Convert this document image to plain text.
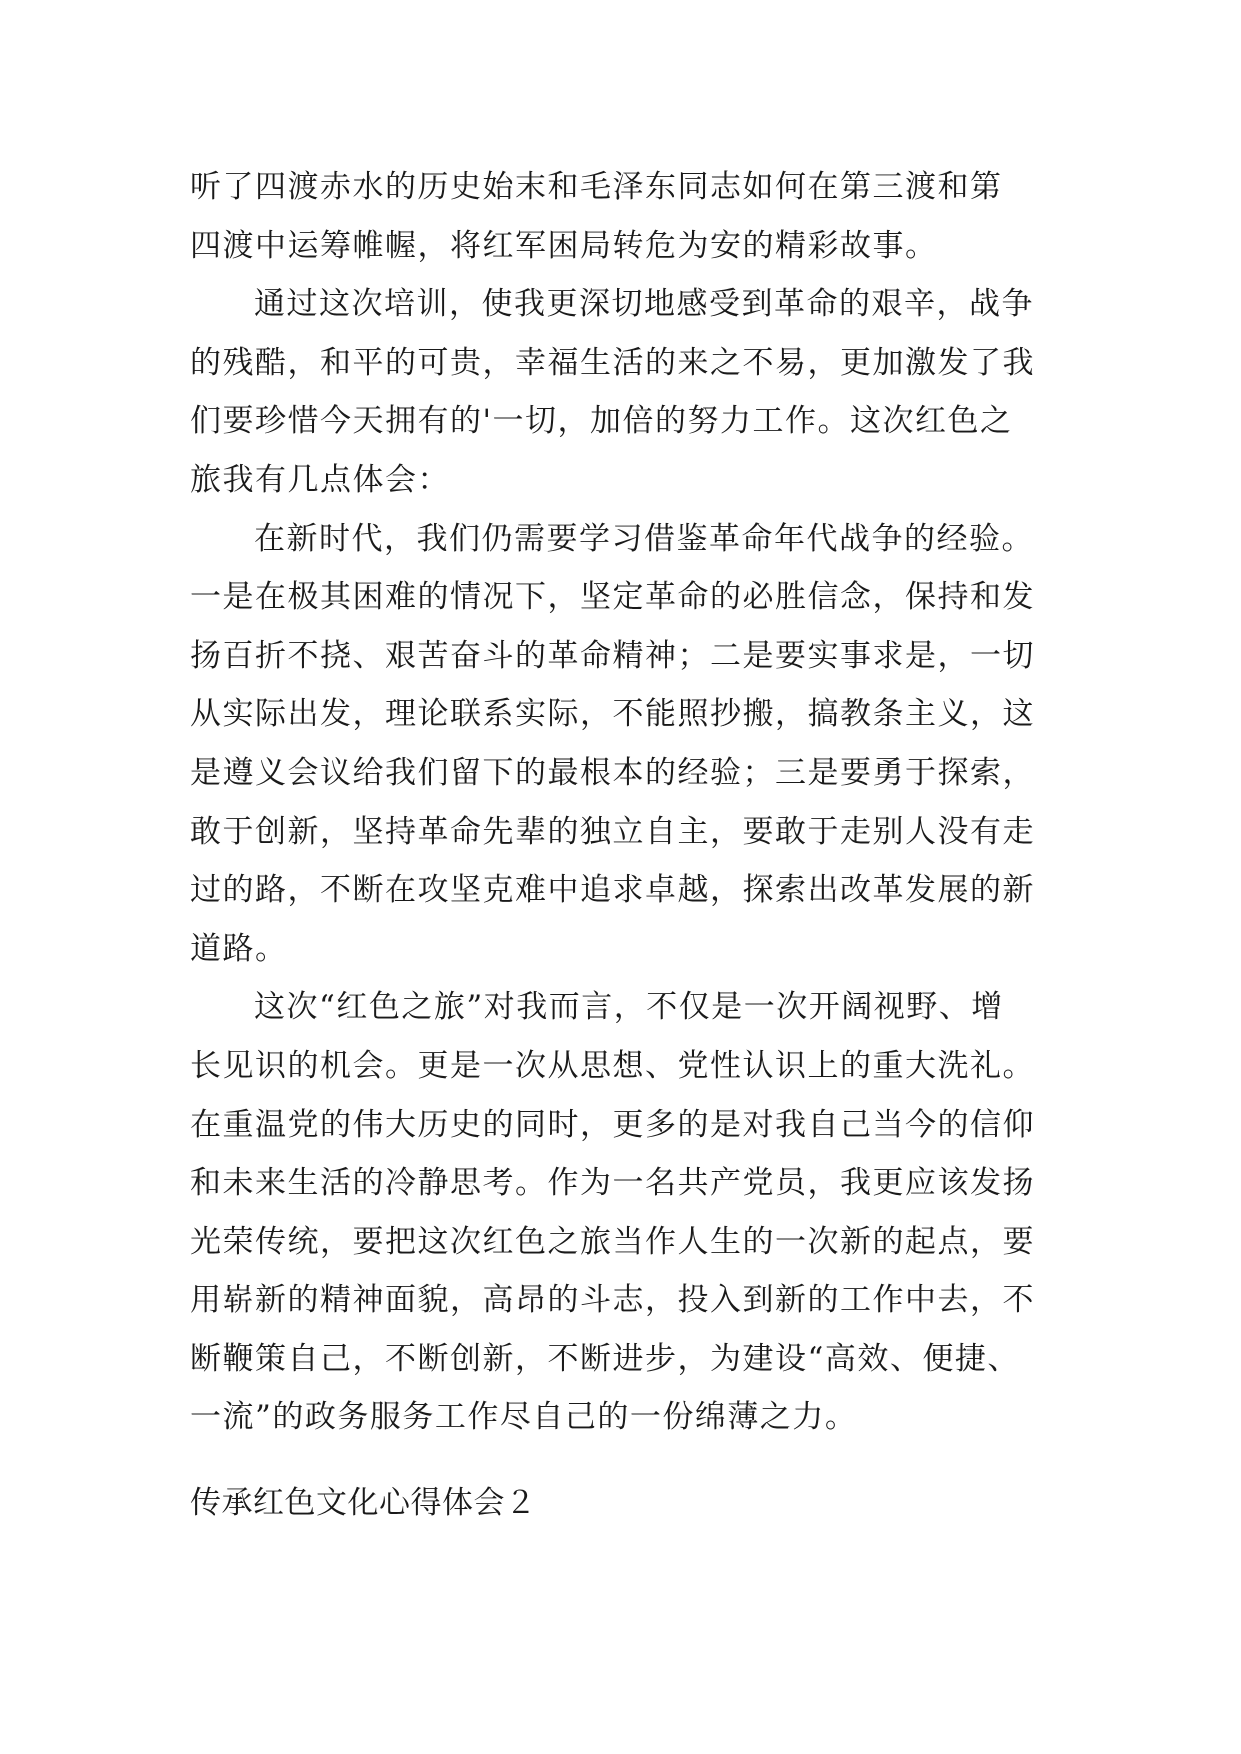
听了四渡赤水的历史始末和毛泽东同志如何在第三渡和第
四渡中运筹帷幄，将红军困局转危为安的精彩故事。
通过这次培训，使我更深切地感受到革命的艰辛，战争
的残酷，和平的可贵，幸福生活的来之不易，更加激发了我
们要珍惜今天拥有的'一切，加倍的努力工作。这次红色之
旅我有几点体会：
在新时代，我们仍需要学习借鉴革命年代战争的经验。
一是在极其困难的情况下，坚定革命的必胜信念，保持和发
扬百折不挠、艰苦奋斗的革命精神；二是要实事求是，一切
从实际出发，理论联系实际，不能照抄搬，搞教条主义，这
是遵义会议给我们留下的最根本的经验；三是要勇于探索，
敢于创新，坚持革命先辈的独立自主，要敢于走别人没有走
过的路，不断在攻坚克难中追求卓越，探索出改革发展的新
道路。
这次“红色之旅”对我而言，不仅是一次开阔视野、增
长见识的机会。更是一次从思想、党性认识上的重大洗礼。
在重温党的伟大历史的同时，更多的是对我自己当今的信仰
和未来生活的冷静思考。作为一名共产党员，我更应该发扬
光荣传统，要把这次红色之旅当作人生的一次新的起点，要
用崭新的精神面貌，高昂的斗志，投入到新的工作中去，不
断鞭策自己，不断创新，不断进步，为建设“高效、便捷、
一流”的政务服务工作尽自己的一份绵薄之力。
传承红色文化心得体会２
